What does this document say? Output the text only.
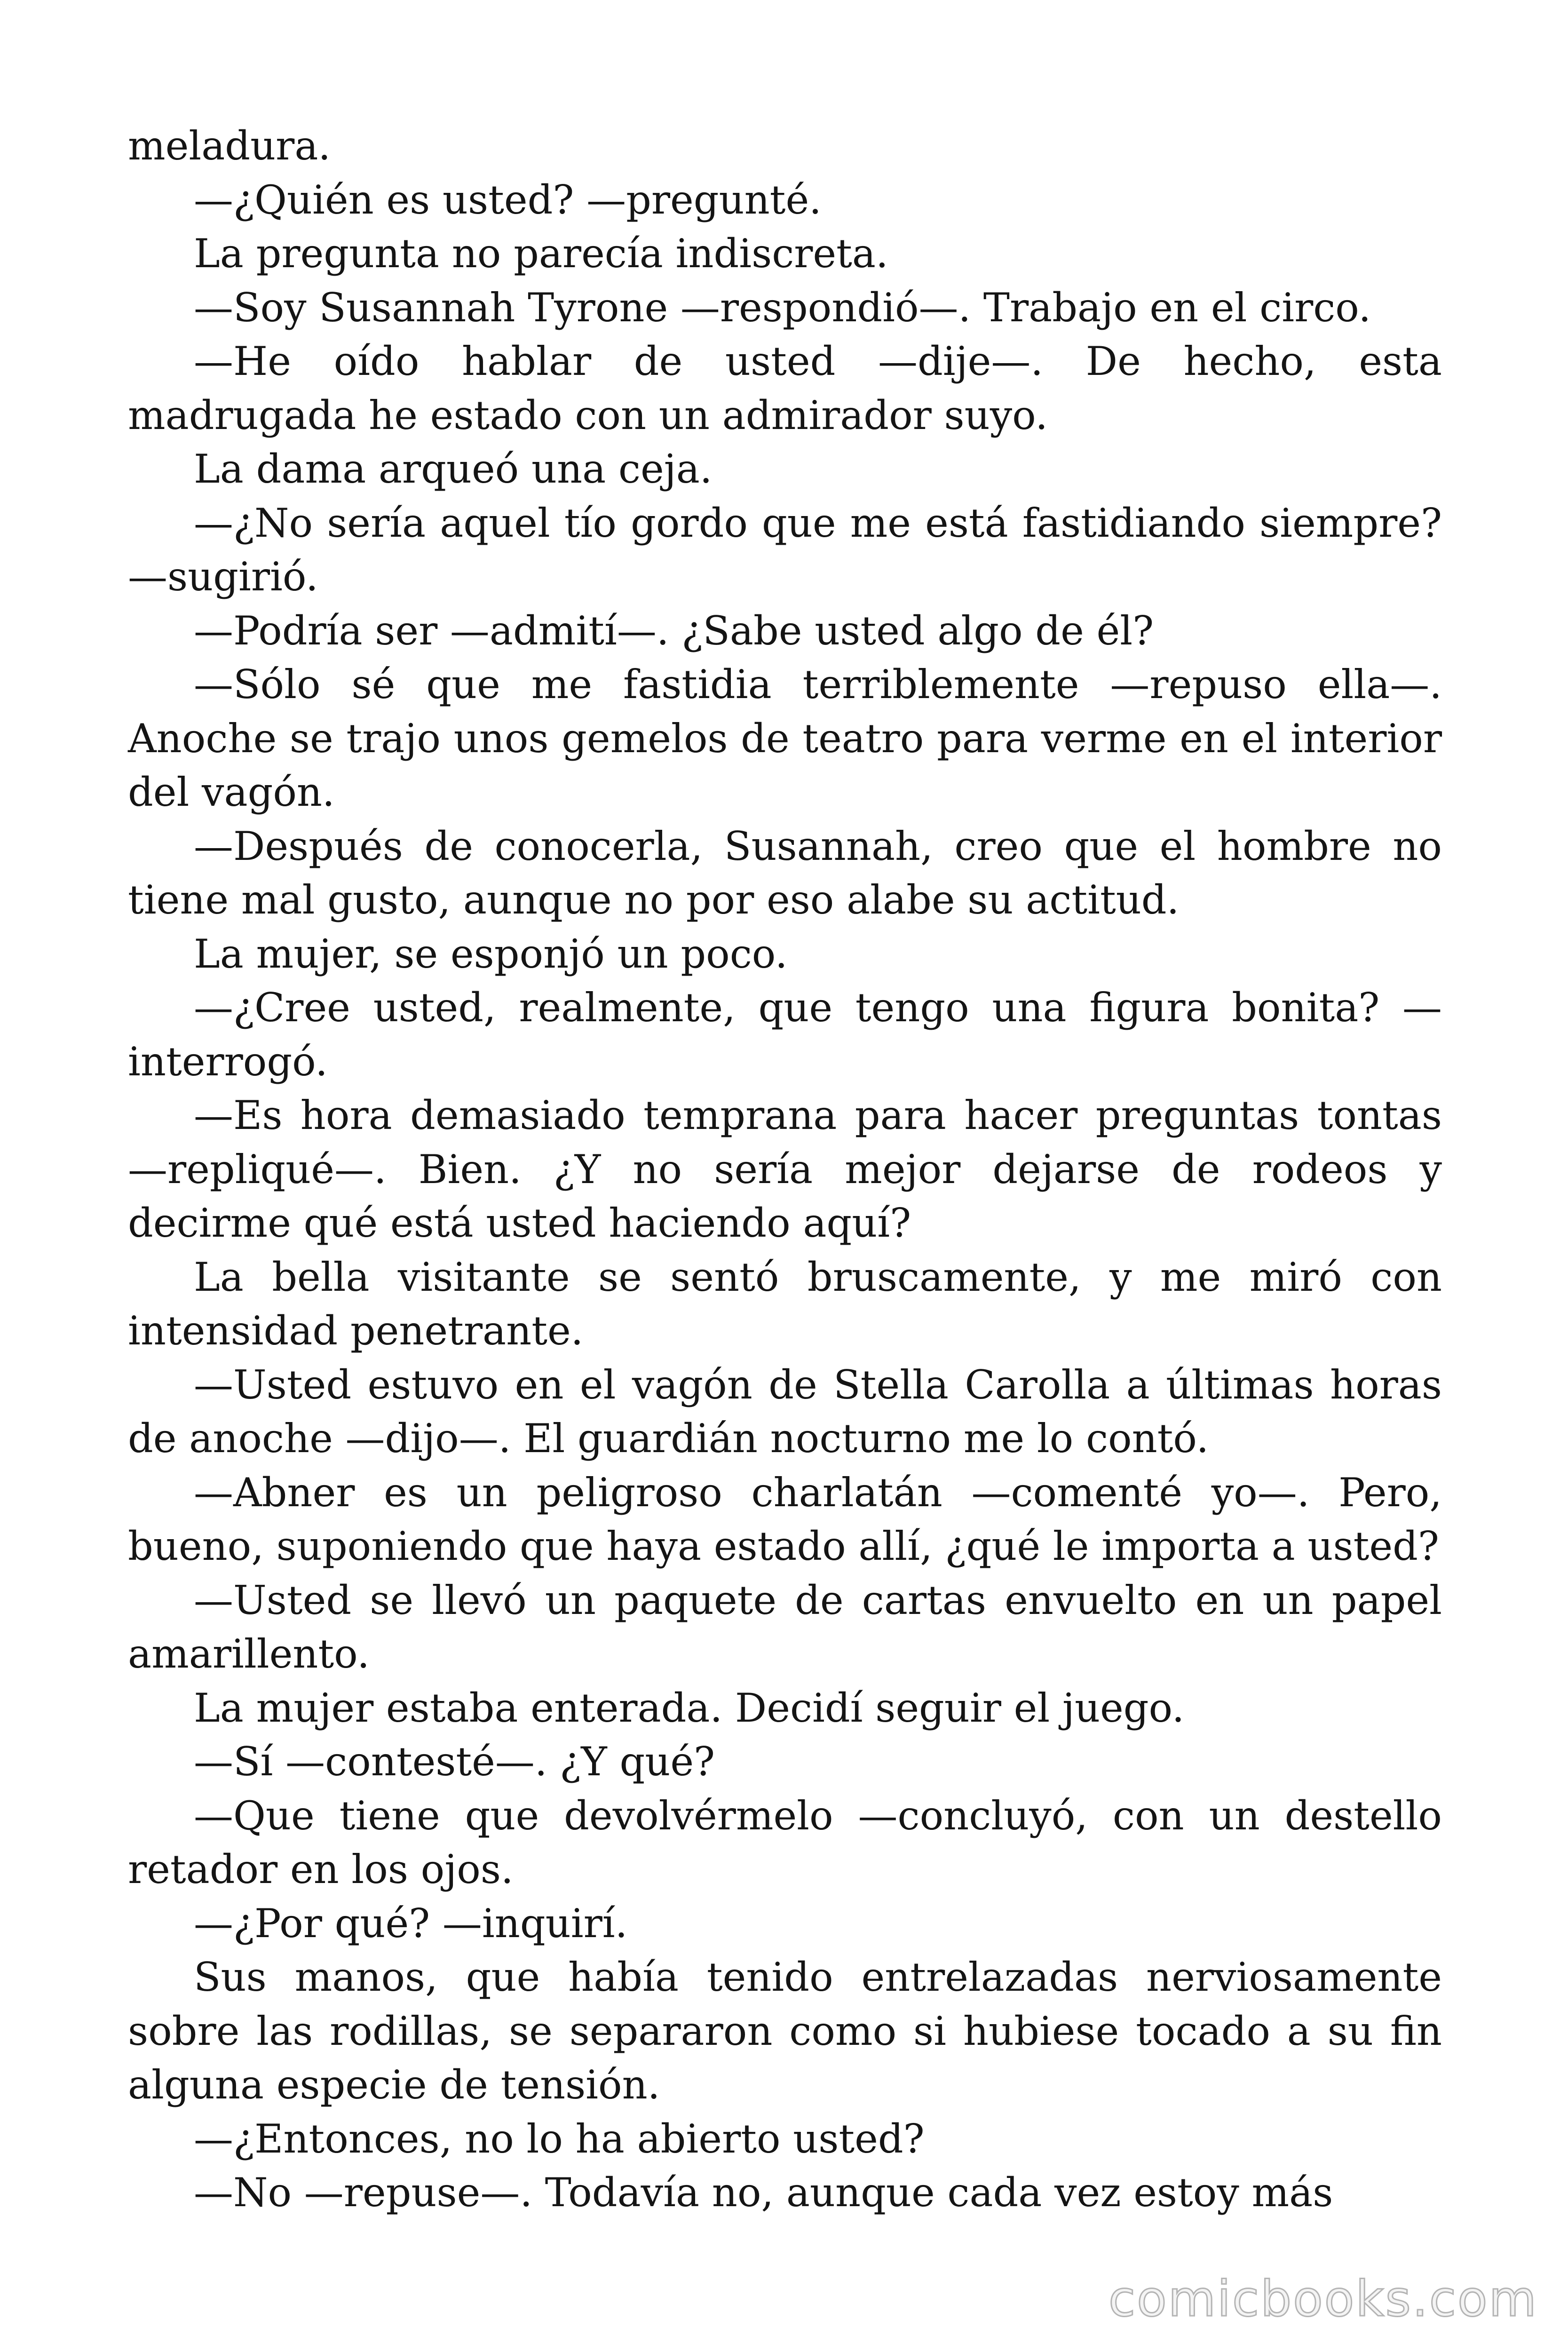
meladura.

—¿Quién es usted? —pregunté.

La pregunta no parecía indiscreta.

—Soy Susannah Tyrone —respondió—. Trabajo en el circo.

—He oído hablar de usted —dije—. De hecho, esta madrugada he estado con un admirador suyo.

La dama arqueó una ceja.

—¿No sería aquel tío gordo que me está fastidiando siempre? —sugirió.

—Podría ser —admití—. ¿Sabe usted algo de él?

—Sólo sé que me fastidia terriblemente —repuso ella—. Anoche se trajo unos gemelos de teatro para verme en el interior del vagón.

—Después de conocerla, Susannah, creo que el hombre no tiene mal gusto, aunque no por eso alabe su actitud.

La mujer, se esponjó un poco.

—¿Cree usted, realmente, que tengo una figura bonita? —interrogó.

—Es hora demasiado temprana para hacer preguntas tontas —repliqué—. Bien. ¿Y no sería mejor dejarse de rodeos y decirme qué está usted haciendo aquí?

La bella visitante se sentó bruscamente, y me miró con intensidad penetrante.

—Usted estuvo en el vagón de Stella Carolla a últimas horas de anoche —dijo—. El guardián nocturno me lo contó.

—Abner es un peligroso charlatán —comenté yo—. Pero, bueno, suponiendo que haya estado allí, ¿qué le importa a usted?

—Usted se llevó un paquete de cartas envuelto en un papel amarillento.

La mujer estaba enterada. Decidí seguir el juego.

—Sí —contesté—. ¿Y qué?

—Que tiene que devolvérmelo —concluyó, con un destello retador en los ojos.

—¿Por qué? —inquirí.

Sus manos, que había tenido entrelazadas nerviosamente sobre las rodillas, se separaron como si hubiese tocado a su fin alguna especie de tensión.

—¿Entonces, no lo ha abierto usted?

—No —repuse—. Todavía no, aunque cada vez estoy más

comicbooks.com
